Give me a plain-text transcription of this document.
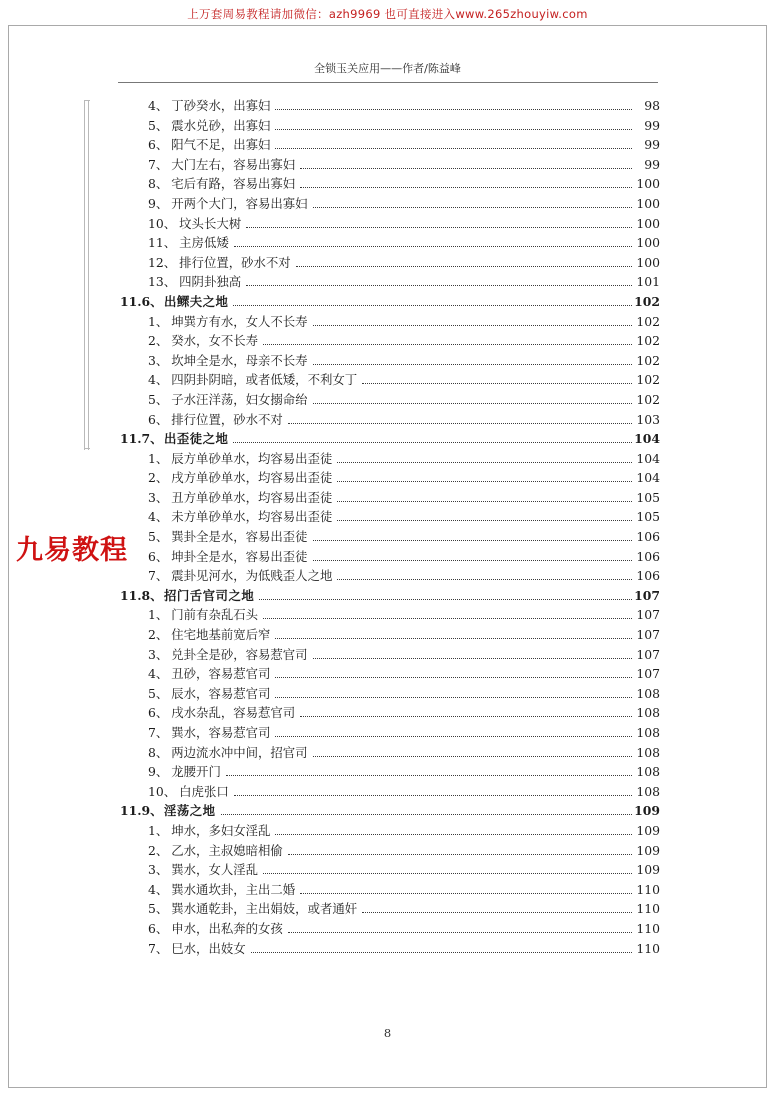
上万套周易教程请加微信：azh9969 也可直接进入www.265zhouyiw.com
全锁玉关应用——作者/陈益峰
4、 丁砂癸水，出寡妇	98
5、 震水兑砂，出寡妇	99
6、 阳气不足，出寡妇	99
7、 大门左右，容易出寡妇	99
8、 宅后有路，容易出寡妇	100
9、 开两个大门，容易出寡妇	100
10、 坟头长大树	100
11、 主房低矮	100
12、 排行位置，砂水不对	100
13、 四阴卦独高	101
11.6、 出鳏夫之地	102
1、 坤巽方有水，女人不长寿	102
2、 癸水，女不长寿	102
3、 坎坤全是水，母亲不长寿	102
4、 四阴卦阴暗，或者低矮，不利女丁	102
5、 子水汪洋荡，妇女搦命绐	102
6、 排行位置，砂水不对	103
11.7、 出歪徒之地	104
1、 辰方单砂单水，均容易出歪徒	104
2、 戌方单砂单水，均容易出歪徒	104
3、 丑方单砂单水，均容易出歪徒	105
4、 未方单砂单水，均容易出歪徒	105
5、 巽卦全是水，容易出歪徒	106
6、 坤卦全是水，容易出歪徒	106
7、 震卦见河水，为低贱歪人之地	106
11.8、 招门舌官司之地	107
1、 门前有杂乱石头	107
2、 住宅地基前宽后窄	107
3、 兑卦全是砂，容易惹官司	107
4、 丑砂，容易惹官司	107
5、 辰水，容易惹官司	108
6、 戌水杂乱，容易惹官司	108
7、 巽水，容易惹官司	108
8、 两边流水冲中间，招官司	108
9、 龙腰开门	108
10、 白虎张口	108
11.9、 淫荡之地	109
1、 坤水，多妇女淫乱	109
2、 乙水，主叔媳暗相偷	109
3、 巽水，女人淫乱	109
4、 巽水通坎卦，主出二婚	110
5、 巽水通乾卦，主出娟妓，或者通奸	110
6、 申水，出私奔的女孩	110
7、 巳水，出妓女	110
九易教程
8
